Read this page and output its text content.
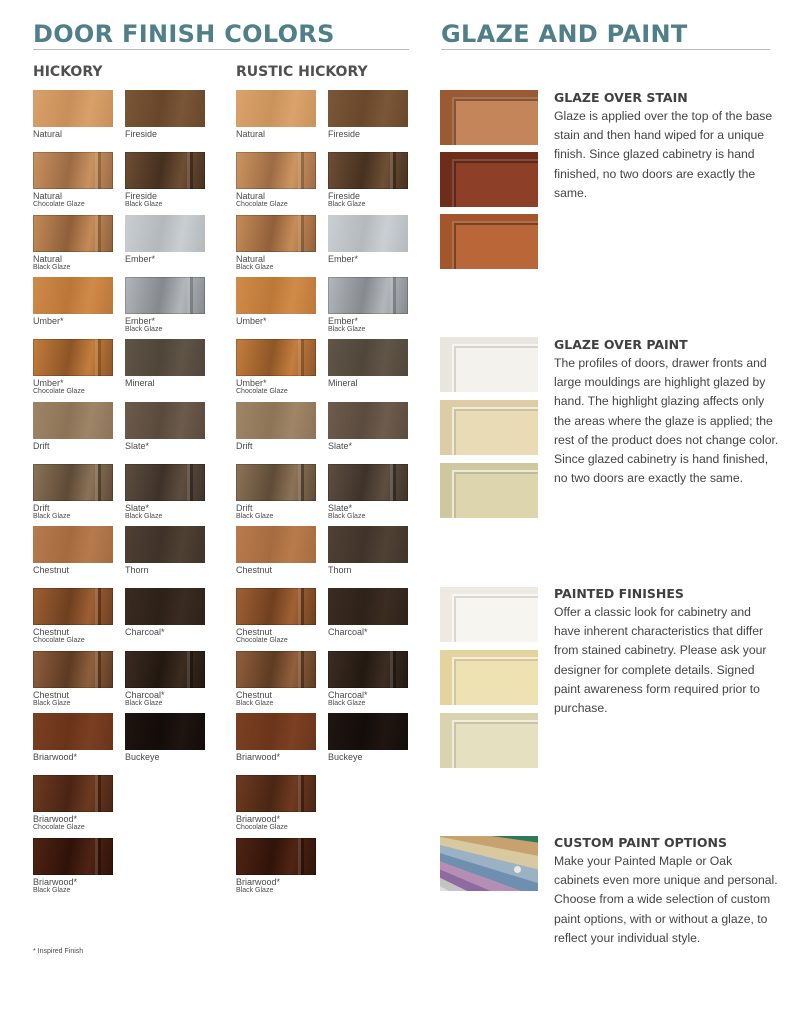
DOOR FINISH COLORS	GLAZE AND PAINT
HICKORY	RUSTIC HICKORY
Natural
Natural
Chocolate Glaze
Natural
Black Glaze
Umber*
Umber*
Chocolate Glaze
Drift
Drift
Black Glaze
Chestnut
Chestnut
Chocolate Glaze
Chestnut
Black Glaze
Briarwood*
Briarwood*
Chocolate Glaze
Briarwood*
Black Glaze
Fireside
Fireside
Black Glaze
Ember*
Ember*
Black Glaze
Mineral
Slate*
Slate*
Black Glaze
Thorn
Charcoal*
Charcoal*
Black Glaze
Buckeye
Natural
Natural
Chocolate Glaze
Natural
Black Glaze
Umber*
Umber*
Chocolate Glaze
Drift
Drift
Black Glaze
Chestnut
Chestnut
Chocolate Glaze
Chestnut
Black Glaze
Briarwood*
Briarwood*
Chocolate Glaze
Briarwood*
Black Glaze
Fireside
Fireside
Black Glaze
Ember*
Ember*
Black Glaze
Mineral
Slate*
Slate*
Black Glaze
Thorn
Charcoal*
Charcoal*
Black Glaze
Buckeye
* Inspired Finish
GLAZE OVER STAIN
Glaze is applied over the top of the base stain and then hand wiped for a unique finish. Since glazed cabinetry is hand finished, no two doors are exactly the same.
GLAZE OVER PAINT
The profiles of doors, drawer fronts and large mouldings are highlight glazed by hand. The highlight glazing affects only the areas where the glaze is applied; the rest of the product does not change color. Since glazed cabinetry is hand finished, no two doors are exactly the same.
PAINTED FINISHES
Offer a classic look for cabinetry and have inherent characteristics that differ from stained cabinetry. Please ask your designer for complete details. Signed paint awareness form required prior to purchase.
CUSTOM PAINT OPTIONS
Make your Painted Maple or Oak cabinets even more unique and personal. Choose from a wide selection of custom paint options, with or without a glaze, to reflect your individual style.
